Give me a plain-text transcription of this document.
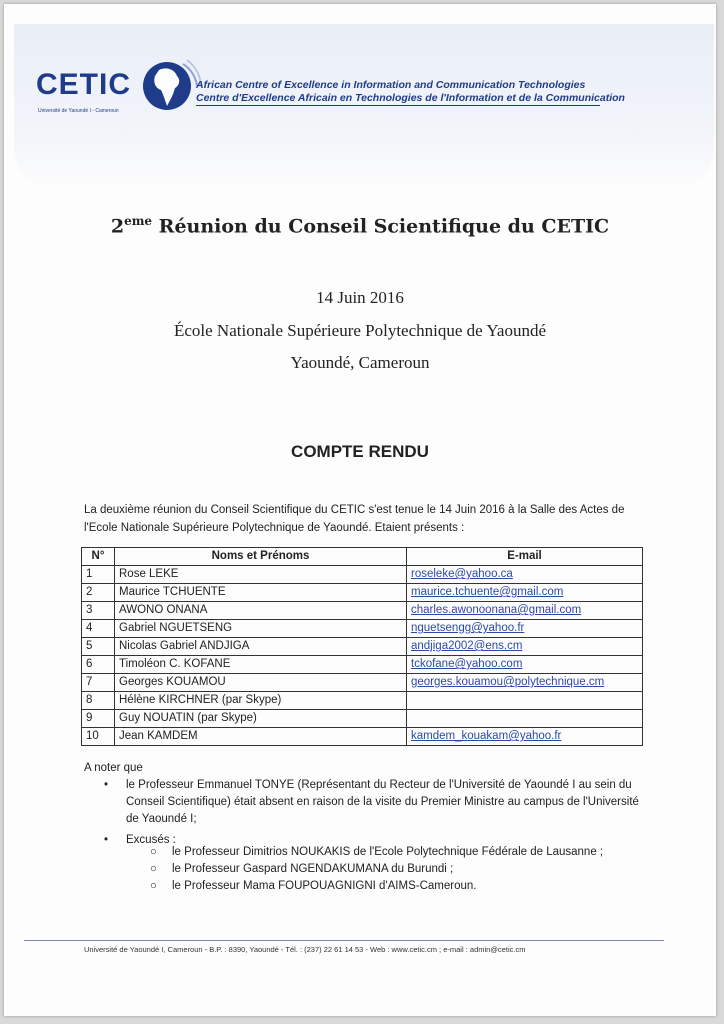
CETIC
Université de Yaoundé I - Cameroun
African Centre of Excellence in Information and Communication Technologies
Centre d'Excellence Africain en Technologies de l'Information et de la Communication
2eme Réunion du Conseil Scientifique du CETIC
14 Juin 2016
École Nationale Supérieure Polytechnique de Yaoundé
Yaoundé, Cameroun
COMPTE RENDU
La deuxième réunion du Conseil Scientifique du CETIC s'est tenue le 14 Juin 2016 à la Salle des Actes de l'Ecole Nationale Supérieure Polytechnique de Yaoundé. Etaient présents :
N°	Noms et Prénoms	E-mail
1	Rose LEKE	roseleke@yahoo.ca
2	Maurice TCHUENTE	maurice.tchuente@gmail.com
3	AWONO ONANA	charles.awonoonana@gmail.com
4	Gabriel NGUETSENG	nguetsengg@yahoo.fr
5	Nicolas Gabriel ANDJIGA	andjiga2002@ens.cm
6	Timoléon C. KOFANE	tckofane@yahoo.com
7	Georges KOUAMOU	georges.kouamou@polytechnique.cm
8	Hélène KIRCHNER (par Skype)	
9	Guy NOUATIN (par Skype)	
10	Jean KAMDEM	kamdem_kouakam@yahoo.fr
A noter que
• le Professeur Emmanuel TONYE (Représentant du Recteur de l'Université de Yaoundé I au sein du Conseil Scientifique) était absent en raison de la visite du Premier Ministre au campus de l'Université de Yaoundé I;
• Excusés :
○ le Professeur Dimitrios NOUKAKIS de l'Ecole Polytechnique Fédérale de Lausanne ;
○ le Professeur Gaspard NGENDAKUMANA du Burundi ;
○ le Professeur Mama FOUPOUAGNIGNI d'AIMS-Cameroun.
Université de Yaoundé I, Cameroun - B.P. : 8390, Yaoundé - Tél. : (237) 22 61 14 53 - Web : www.cetic.cm ; e-mail : admin@cetic.cm
